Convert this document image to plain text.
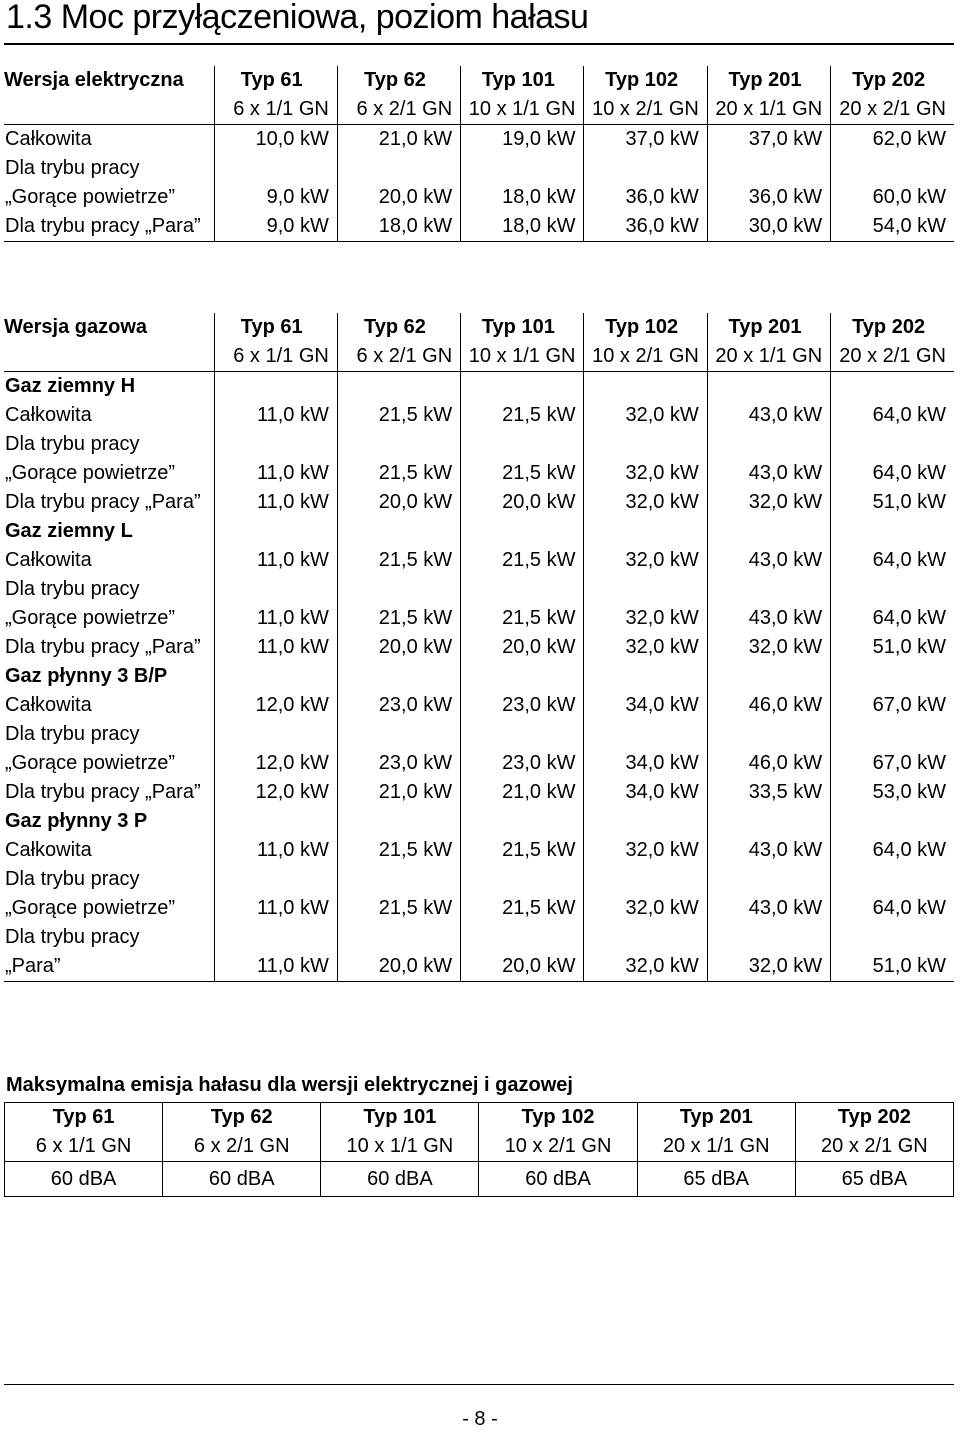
1.3 Moc przyłączeniowa, poziom hałasu
Wersja elektryczna	Typ 61	Typ 62	Typ 101	Typ 102	Typ 201	Typ 202
	6 x 1/1 GN	6 x 2/1 GN	10 x 1/1 GN	10 x 2/1 GN	20 x 1/1 GN	20 x 2/1 GN
Całkowita	10,0 kW	21,0 kW	19,0 kW	37,0 kW	37,0 kW	62,0 kW
Dla trybu pracy						
„Gorące powietrze”	9,0 kW	20,0 kW	18,0 kW	36,0 kW	36,0 kW	60,0 kW
Dla trybu pracy „Para”	9,0 kW	18,0 kW	18,0 kW	36,0 kW	30,0 kW	54,0 kW
Wersja gazowa	Typ 61	Typ 62	Typ 101	Typ 102	Typ 201	Typ 202
	6 x 1/1 GN	6 x 2/1 GN	10 x 1/1 GN	10 x 2/1 GN	20 x 1/1 GN	20 x 2/1 GN
Gaz ziemny H						
Całkowita	11,0 kW	21,5 kW	21,5 kW	32,0 kW	43,0 kW	64,0 kW
Dla trybu pracy						
„Gorące powietrze”	11,0 kW	21,5 kW	21,5 kW	32,0 kW	43,0 kW	64,0 kW
Dla trybu pracy „Para”	11,0 kW	20,0 kW	20,0 kW	32,0 kW	32,0 kW	51,0 kW
Gaz ziemny L						
Całkowita	11,0 kW	21,5 kW	21,5 kW	32,0 kW	43,0 kW	64,0 kW
Dla trybu pracy						
„Gorące powietrze”	11,0 kW	21,5 kW	21,5 kW	32,0 kW	43,0 kW	64,0 kW
Dla trybu pracy „Para”	11,0 kW	20,0 kW	20,0 kW	32,0 kW	32,0 kW	51,0 kW
Gaz płynny 3 B/P						
Całkowita	12,0 kW	23,0 kW	23,0 kW	34,0 kW	46,0 kW	67,0 kW
Dla trybu pracy						
„Gorące powietrze”	12,0 kW	23,0 kW	23,0 kW	34,0 kW	46,0 kW	67,0 kW
Dla trybu pracy „Para”	12,0 kW	21,0 kW	21,0 kW	34,0 kW	33,5 kW	53,0 kW
Gaz płynny 3 P						
Całkowita	11,0 kW	21,5 kW	21,5 kW	32,0 kW	43,0 kW	64,0 kW
Dla trybu pracy						
„Gorące powietrze”	11,0 kW	21,5 kW	21,5 kW	32,0 kW	43,0 kW	64,0 kW
Dla trybu pracy						
„Para”	11,0 kW	20,0 kW	20,0 kW	32,0 kW	32,0 kW	51,0 kW
Maksymalna emisja hałasu dla wersji elektrycznej i gazowej
Typ 61	Typ 62	Typ 101	Typ 102	Typ 201	Typ 202
6 x 1/1 GN	6 x 2/1 GN	10 x 1/1 GN	10 x 2/1 GN	20 x 1/1 GN	20 x 2/1 GN
60 dBA	60 dBA	60 dBA	60 dBA	65 dBA	65 dBA
- 8 -
